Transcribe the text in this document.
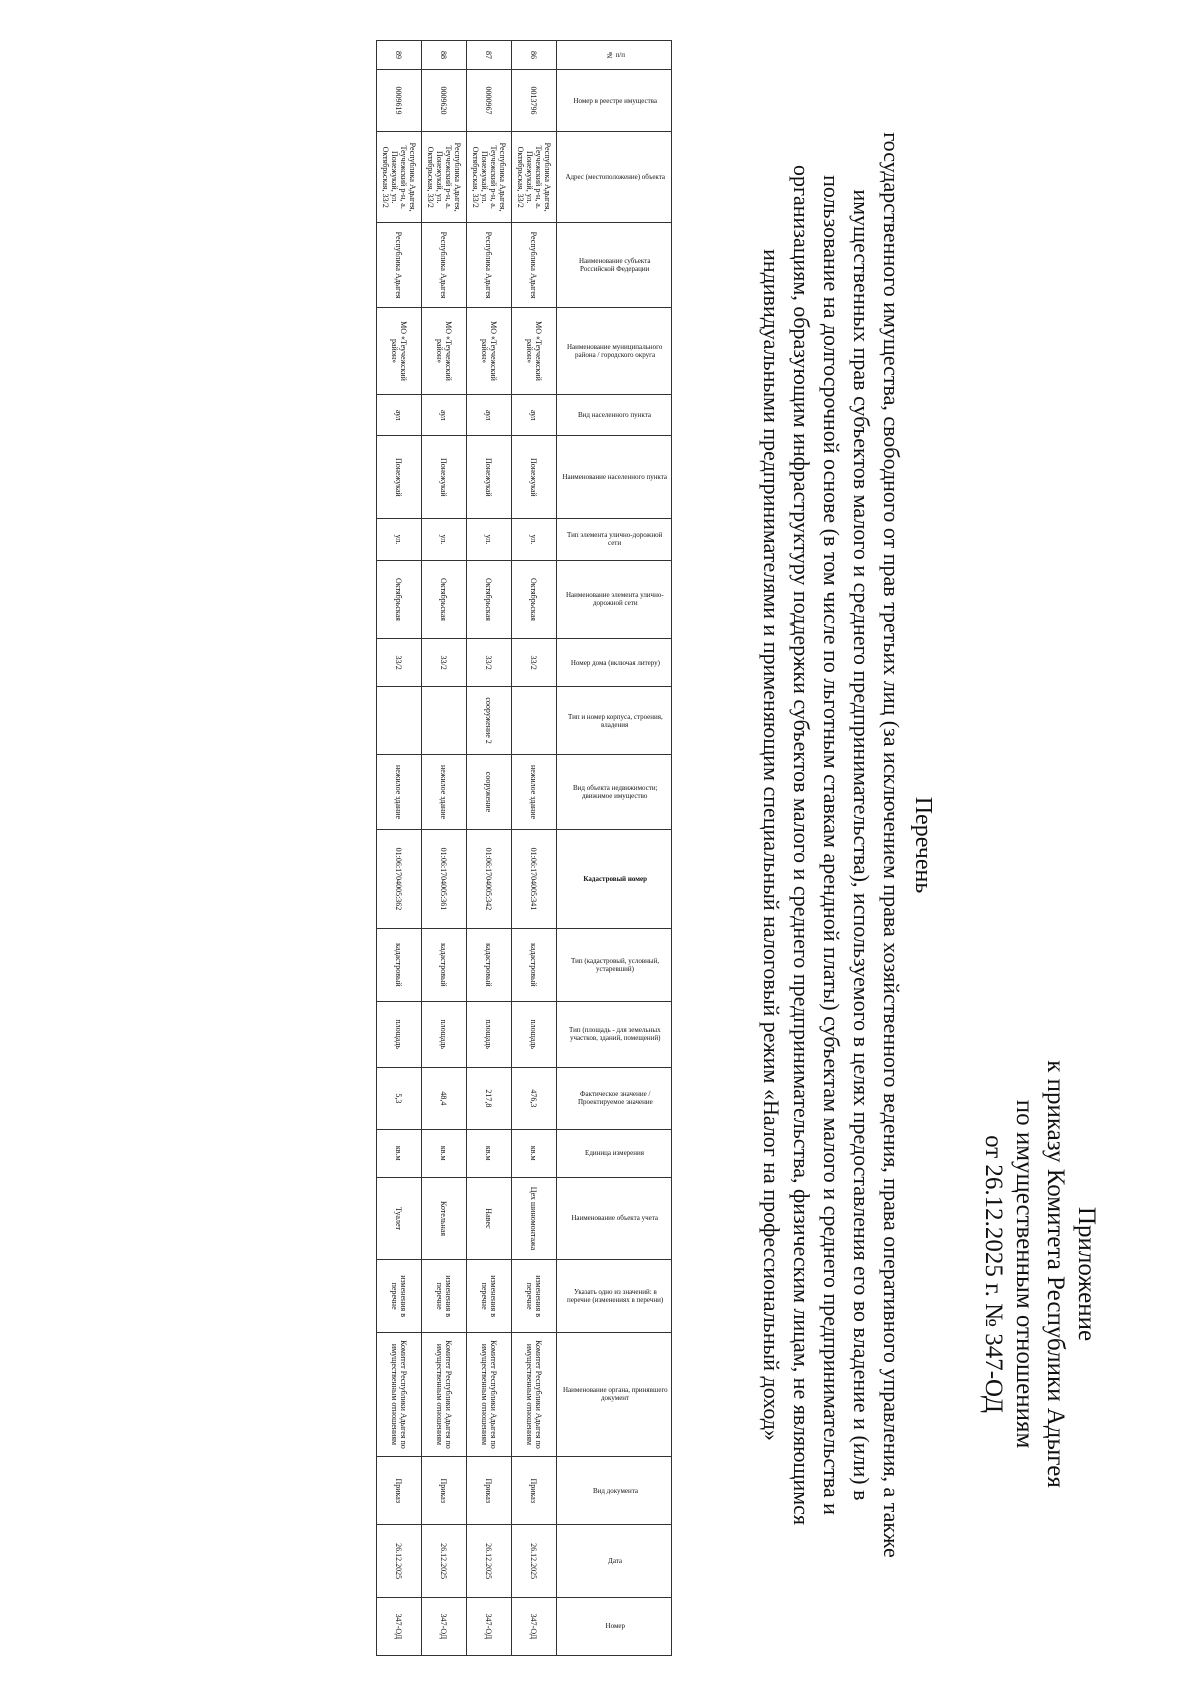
Приложение
к приказу Комитета Республики Адыгея
по имущественным отношениям
от 26.12.2025 г. № 347-ОД
Перечень
государственного имущества, свободного от прав третьих лиц (за исключением права хозяйственного ведения, права оперативного управления, а также имущественных прав субъектов малого и среднего предпринимательства), используемого в целях предоставления его во владение и (или) в пользование на долгосрочной основе (в том числе по льготным ставкам арендной платы) субъектам малого и среднего предпринимательства и организациям, образующим инфраструктуру поддержки субъектов малого и среднего предпринимательства, физическим лицам, не являющимся индивидуальными предпринимателями и применяющим специальный налоговый режим «Налог на профессиональный доход»
№ п/п	Номер в реестре имущества	Адрес (местоположение) объекта	Наименование субъекта Российской Федерации	Наименование муниципального района / городского округа	Вид населенного пункта	Наименование населенного пункта	Тип элемента улично-дорожной сети	Наименование элемента улично-дорожной сети	Номер дома (включая литеру)	Тип и номер корпуса, строения, владения	Вид объекта недвижимости; движимое имущество	Кадастровый номер	Тип (кадастровый, условный, устаревший)	Тип (площадь - для земельных участков, зданий, помещений)	Фактическое значение / Проектируемое значение	Единица измерения	Наименование объекта учета	Указать одно из значений: в перечне (изменениях в перечни)	Наименование органа, принявшего документ	Вид документа	Дата	Номер
86	0013796	Республика Адыгея, Теучежский р-н, а. Понежукай, ул. Октябрьская, 33/2	Республика Адыгея	МО «Теучежский район»	аул	Понежукай	ул.	Октябрьская	33/2		нежилое здание	01:06:1704005:341	кадастровый	площадь	476,3	кв.м	Цех шиномонтажа	изменения в перечне	Комитет Республики Адыгея по имущественным отношениям	Приказ	26.12.2025	347-ОД
87	0000967	Республика Адыгея, Теучежский р-н, а. Понежукай, ул. Октябрьская, 33/2	Республика Адыгея	МО «Теучежский район»	аул	Понежукай	ул.	Октябрьская	33/2	сооружение 2	сооружение	01:06:1704005:342	кадастровый	площадь	217,8	кв.м	Навес	изменения в перечне	Комитет Республики Адыгея по имущественным отношениям	Приказ	26.12.2025	347-ОД
88	0009620	Республика Адыгея, Теучежский р-н, а. Понежукай, ул. Октябрьская, 33/2	Республика Адыгея	МО «Теучежский район»	аул	Понежукай	ул.	Октябрьская	33/2		нежилое здание	01:06:1704005:361	кадастровый	площадь	48,4	кв.м	Котельная	изменения в перечне	Комитет Республики Адыгея по имущественным отношениям	Приказ	26.12.2025	347-ОД
89	0009619	Республика Адыгея, Теучежский р-н, а. Понежукай, ул. Октябрьская, 33/2	Республика Адыгея	МО «Теучежский район»	аул	Понежукай	ул.	Октябрьская	33/2		нежилое здание	01:06:1704005:362	кадастровый	площадь	5,3	кв.м	Туалет	изменения в перечне	Комитет Республики Адыгея по имущественным отношениям	Приказ	26.12.2025	347-ОД
